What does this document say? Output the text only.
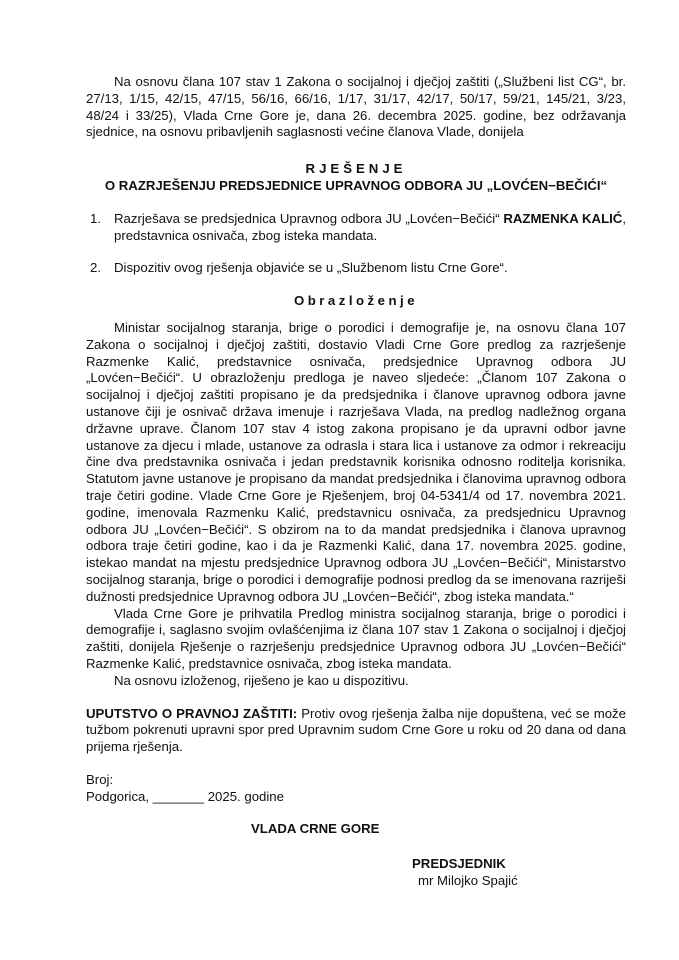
Na osnovu člana 107 stav 1 Zakona o socijalnoj i dječjoj zaštiti („Službeni list CG“, br. 27/13, 1/15, 42/15, 47/15, 56/16, 66/16, 1/17, 31/17, 42/17, 50/17, 59/21, 145/21, 3/23, 48/24 i 33/25), Vlada Crne Gore je, dana 26. decembra 2025. godine, bez održavanja sjednice, na osnovu pribavljenih saglasnosti većine članova Vlade, donijela

RJEŠENJE
O RAZRJEŠENJU PREDSJEDNICE UPRAVNOG ODBORA JU „LOVĆEN−BEČIĆI“
1. Razrješava se predsjednica Upravnog odbora JU „Lovćen−Bečići“ RAZMENKA KALIĆ, predstavnica osnivača, zbog isteka mandata.
2. Dispozitiv ovog rješenja objaviće se u „Službenom listu Crne Gore“.
Obrazloženje

Ministar socijalnog staranja, brige o porodici i demografije je, na osnovu člana 107 Zakona o socijalnoj i dječjoj zaštiti, dostavio Vladi Crne Gore predlog za razrješenje Razmenke Kalić, predstavnice osnivača, predsjednice Upravnog odbora JU „Lovćen−Bečići“. U obrazloženju predloga je naveo sljedeće: „Članom 107 Zakona o socijalnoj i dječjoj zaštiti propisano je da predsjednika i članove upravnog odbora javne ustanove čiji je osnivač država imenuje i razrješava Vlada, na predlog nadležnog organa državne uprave. Članom 107 stav 4 istog zakona propisano je da upravni odbor javne ustanove za djecu i mlade, ustanove za odrasla i stara lica i ustanove za odmor i rekreaciju čine dva predstavnika osnivača i jedan predstavnik korisnika odnosno roditelja korisnika. Statutom javne ustanove je propisano da mandat predsjednika i članovima upravnog odbora traje četiri godine. Vlade Crne Gore je Rješenjem, broj 04-5341/4 od 17. novembra 2021. godine, imenovala Razmenku Kalić, predstavnicu osnivača, za predsjednicu Upravnog odbora JU „Lovćen−Bečići“. S obzirom na to da mandat predsjednika i članova upravnog odbora traje četiri godine, kao i da je Razmenki Kalić, dana 17. novembra 2025. godine, istekao mandat na mjestu predsjednice Upravnog odbora JU „Lovćen−Bečići“, Ministarstvo socijalnog staranja, brige o porodici i demografije podnosi predlog da se imenovana razriješi dužnosti predsjednice Upravnog odbora JU „Lovćen−Bečići“, zbog isteka mandata.“

Vlada Crne Gore je prihvatila Predlog ministra socijalnog staranja, brige o porodici i demografije i, saglasno svojim ovlašćenjima iz člana 107 stav 1 Zakona o socijalnoj i dječjoj zaštiti, donijela Rješenje o razrješenju predsjednice Upravnog odbora JU „Lovćen−Bečići“ Razmenke Kalić, predstavnice osnivača, zbog isteka mandata.

Na osnovu izloženog, riješeno je kao u dispozitivu.

UPUTSTVO O PRAVNOJ ZAŠTITI: Protiv ovog rješenja žalba nije dopuštena, već se može tužbom pokrenuti upravni spor pred Upravnim sudom Crne Gore u roku od 20 dana od dana prijema rješenja.

Broj:
Podgorica, _______ 2025. godine
VLADA CRNE GORE
PREDSJEDNIK
mr Milojko Spajić
